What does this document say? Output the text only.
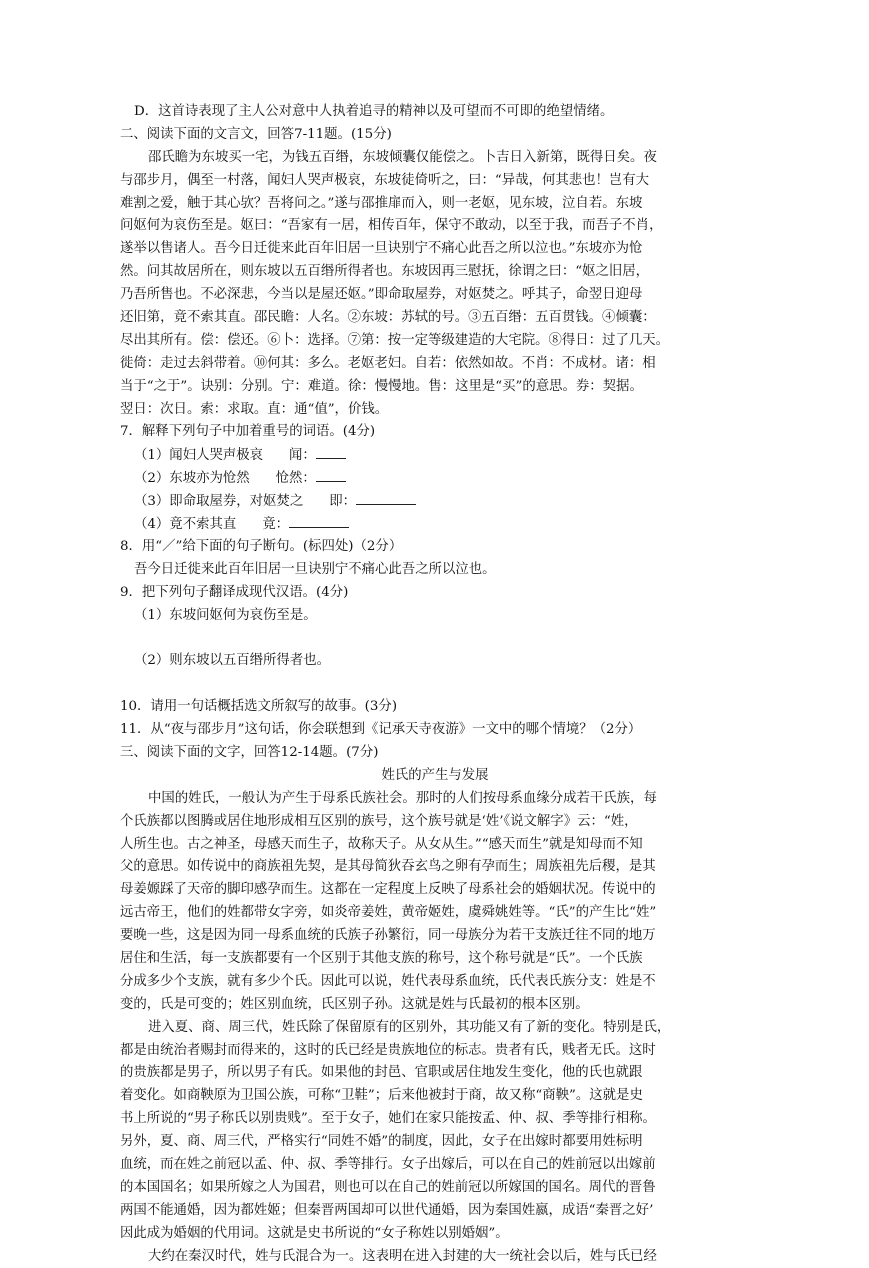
D．这首诗表现了主人公对意中人执着追寻的精神以及可望而不可即的绝望情绪。
二、阅读下面的文言文，回答7-11题。(15分)
邵氏瞻为东坡买一宅，为钱五百缗，东坡倾囊仅能偿之。卜吉日入新第，既得日矣。夜
与邵步月，偶至一村落，闻妇人哭声极哀，东坡徒倚听之，曰：“异哉，何其悲也！岂有大
难割之爱，触于其心欤？吾将问之。”遂与邵推扉而入，则一老妪，见东坡，泣自若。东坡
问妪何为哀伤至是。妪曰：“吾家有一居，相传百年，保守不敢动，以至于我，而吾子不肖，
遂举以售诸人。吾今日迁徙来此百年旧居一旦诀别宁不痛心此吾之所以泣也。”东坡亦为怆
然。问其故居所在，则东坡以五百缗所得者也。东坡因再三慰抚，徐谓之曰：“妪之旧居，
乃吾所售也。不必深悲，今当以是屋还妪。”即命取屋券，对妪焚之。呼其子，命翌日迎母
还旧第，竟不索其直。邵民瞻：人名。②东坡：苏轼的号。③五百缗：五百贯钱。④倾囊：
尽出其所有。偿：偿还。⑥卜：选择。⑦第：按一定等级建造的大宅院。⑧得日：过了几天。
徙倚：走过去斜带着。⑩何其：多么。老妪老妇。自若：依然如故。不肖：不成材。诸：相
当于“之于”。诀别：分别。宁：难道。徐：慢慢地。售：这里是“买”的意思。券：契据。
翌日：次日。索：求取。直：通“值”，价钱。
7．解释下列句子中加着重号的词语。(4分)
（1）闻妇人哭声极哀 闻：
（2）东坡亦为怆然 怆然：
（3）即命取屋券，对妪焚之 即：
（4）竟不索其直 竟：
8．用“／”给下面的句子断句。(标四处)（2分）
吾今日迁徙来此百年旧居一旦诀别宁不痛心此吾之所以泣也。
9．把下列句子翻译成现代汉语。(4分)
（1）东坡问妪何为哀伤至是。
（2）则东坡以五百缗所得者也。
10．请用一句话概括选文所叙写的故事。(3分)
11．从“夜与邵步月”这句话，你会联想到《记承天寺夜游》一文中的哪个情境？（2分）
三、阅读下面的文字，回答12-14题。(7分)
姓氏的产生与发展
中国的姓氏，一般认为产生于母系氏族社会。那时的人们按母系血缘分成若干氏族，每
个氏族都以图腾或居住地形成相互区别的族号，这个族号就是‘姓’《说文解字》云：“姓，
人所生也。古之神圣，母感天而生子，故称天子。从女从生。”“感天而生”就是知母而不知
父的意思。如传说中的商族祖先契，是其母简狄吞玄鸟之卵有孕而生；周族祖先后稷，是其
母姜嫄踩了天帝的脚印感孕而生。这都在一定程度上反映了母系社会的婚姻状况。传说中的
远古帝王，他们的姓都带女字旁，如炎帝姜姓，黄帝姬姓，虞舜姚姓等。“氏”的产生比“姓”
要晚一些，这是因为同一母系血统的氏族子孙繁衍，同一母族分为若干支族迁往不同的地万
居住和生活，每一支族都要有一个区别于其他支族的称号，这个称号就是“氏”。一个氏族
分成多少个支族，就有多少个氏。因此可以说，姓代表母系血统，氏代表氏族分支：姓是不
变的，氏是可变的；姓区别血统，氏区别子孙。这就是姓与氏最初的根本区别。
进入夏、商、周三代，姓氏除了保留原有的区别外，其功能又有了新的变化。特别是氏，
都是由统治者赐封而得来的，这时的氏已经是贵族地位的标志。贵者有氏，贱者无氏。这时
的贵族都是男子，所以男子有氏。如果他的封邑、官职或居住地发生变化，他的氏也就跟
着变化。如商鞅原为卫国公族，可称“卫鞋”；后来他被封于商，故又称“商鞅”。这就是史
书上所说的“男子称氏以别贵贱”。至于女子，她们在家只能按孟、仲、叔、季等排行相称。
另外，夏、商、周三代，严格实行“同姓不婚”的制度，因此，女子在出嫁时都要用姓标明
血统，而在姓之前冠以孟、仲、叔、季等排行。女子出嫁后，可以在自己的姓前冠以出嫁前
的本国国名；如果所嫁之人为国君，则也可以在自己的姓前冠以所嫁国的国名。周代的晋鲁
两国不能通婚，因为都姓姬；但秦晋两国却可以世代通婚，因为秦国姓嬴，成语“秦晋之好’
因此成为婚姻的代用词。这就是史书所说的“女子称姓以别婚姻”。
大约在秦汉时代，姓与氏混合为一。这表明在进入封建的大一统社会以后，姓与氏已经
